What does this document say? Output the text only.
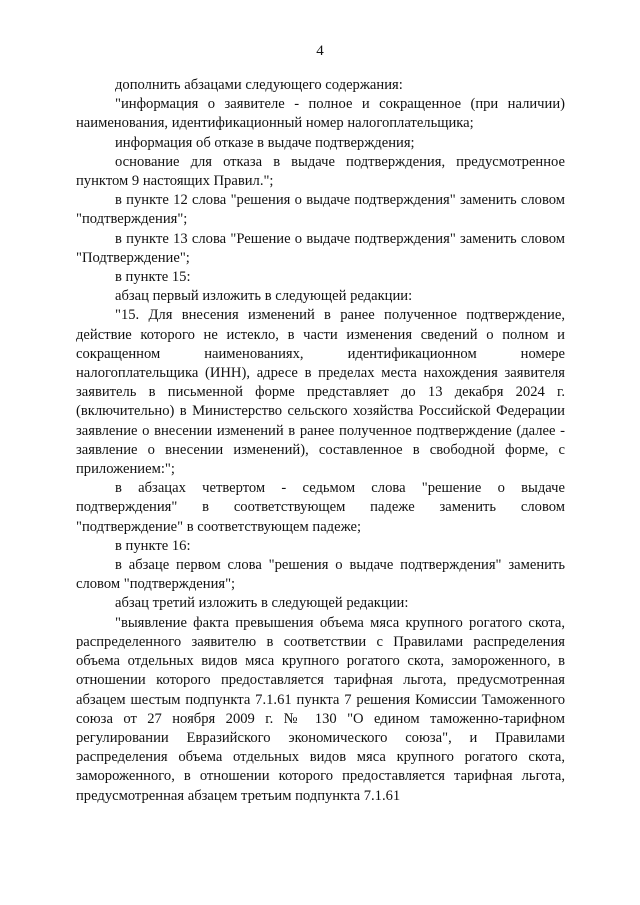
4

дополнить абзацами следующего содержания:

"информация о заявителе - полное и сокращенное (при наличии) наименования, идентификационный номер налогоплательщика;

информация об отказе в выдаче подтверждения;

основание для отказа в выдаче подтверждения, предусмотренное пунктом 9 настоящих Правил.";

в пункте 12 слова "решения о выдаче подтверждения" заменить словом "подтверждения";

в пункте 13 слова "Решение о выдаче подтверждения" заменить словом "Подтверждение";

в пункте 15:

абзац первый изложить в следующей редакции:

"15. Для внесения изменений в ранее полученное подтверждение, действие которого не истекло, в части изменения сведений о полном и сокращенном наименованиях, идентификационном номере налогоплательщика (ИНН), адресе в пределах места нахождения заявителя заявитель в письменной форме представляет до 13 декабря 2024 г. (включительно) в Министерство сельского хозяйства Российской Федерации заявление о внесении изменений в ранее полученное подтверждение (далее - заявление о внесении изменений), составленное в свободной форме, с приложением:";

в абзацах четвертом - седьмом слова "решение о выдаче подтверждения" в соответствующем падеже заменить словом "подтверждение" в соответствующем падеже;

в пункте 16:

в абзаце первом слова "решения о выдаче подтверждения" заменить словом "подтверждения";

абзац третий изложить в следующей редакции:

"выявление факта превышения объема мяса крупного рогатого скота, распределенного заявителю в соответствии с Правилами распределения объема отдельных видов мяса крупного рогатого скота, замороженного, в отношении которого предоставляется тарифная льгота, предусмотренная абзацем шестым подпункта 7.1.61 пункта 7 решения Комиссии Таможенного союза от 27 ноября 2009 г. № 130 "О едином таможенно-тарифном регулировании Евразийского экономического союза", и Правилами распределения объема отдельных видов мяса крупного рогатого скота, замороженного, в отношении которого предоставляется тарифная льгота, предусмотренная абзацем третьим подпункта 7.1.61
